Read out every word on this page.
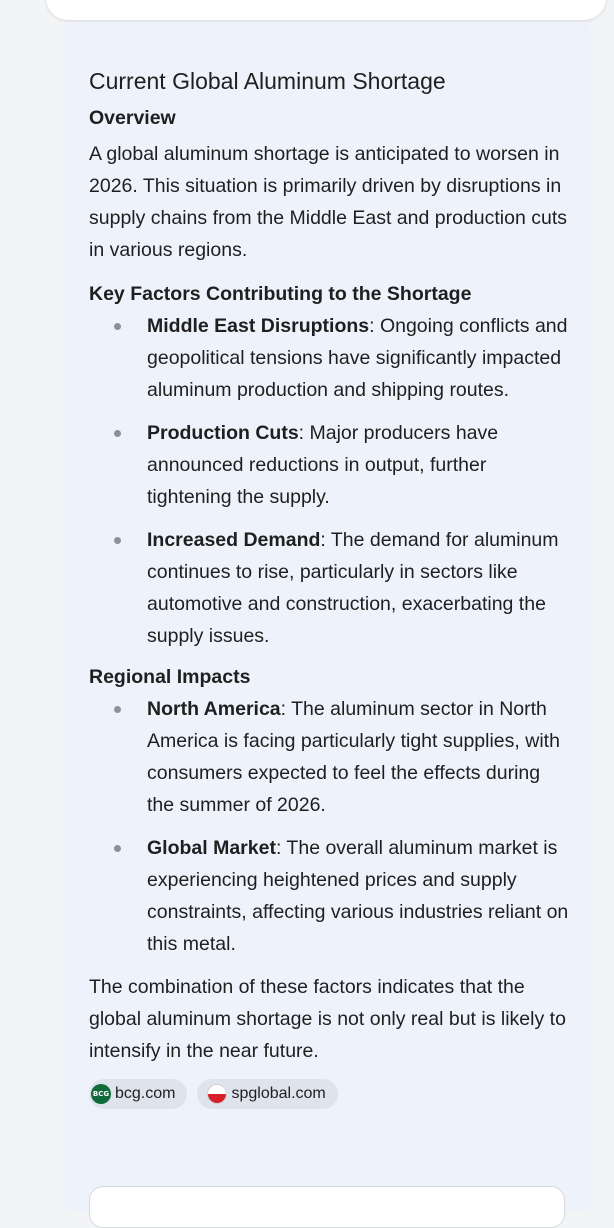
Current Global Aluminum Shortage
Overview
A global aluminum shortage is anticipated to worsen in 2026. This situation is primarily driven by disruptions in supply chains from the Middle East and production cuts in various regions.
Key Factors Contributing to the Shortage
Middle East Disruptions: Ongoing conflicts and geopolitical tensions have significantly impacted aluminum production and shipping routes.
Production Cuts: Major producers have announced reductions in output, further tightening the supply.
Increased Demand: The demand for aluminum continues to rise, particularly in sectors like automotive and construction, exacerbating the supply issues.
Regional Impacts
North America: The aluminum sector in North America is facing particularly tight supplies, with consumers expected to feel the effects during the summer of 2026.
Global Market: The overall aluminum market is experiencing heightened prices and supply constraints, affecting various industries reliant on this metal.
The combination of these factors indicates that the global aluminum shortage is not only real but is likely to intensify in the near future.
BCG bcg.com	spglobal.com
